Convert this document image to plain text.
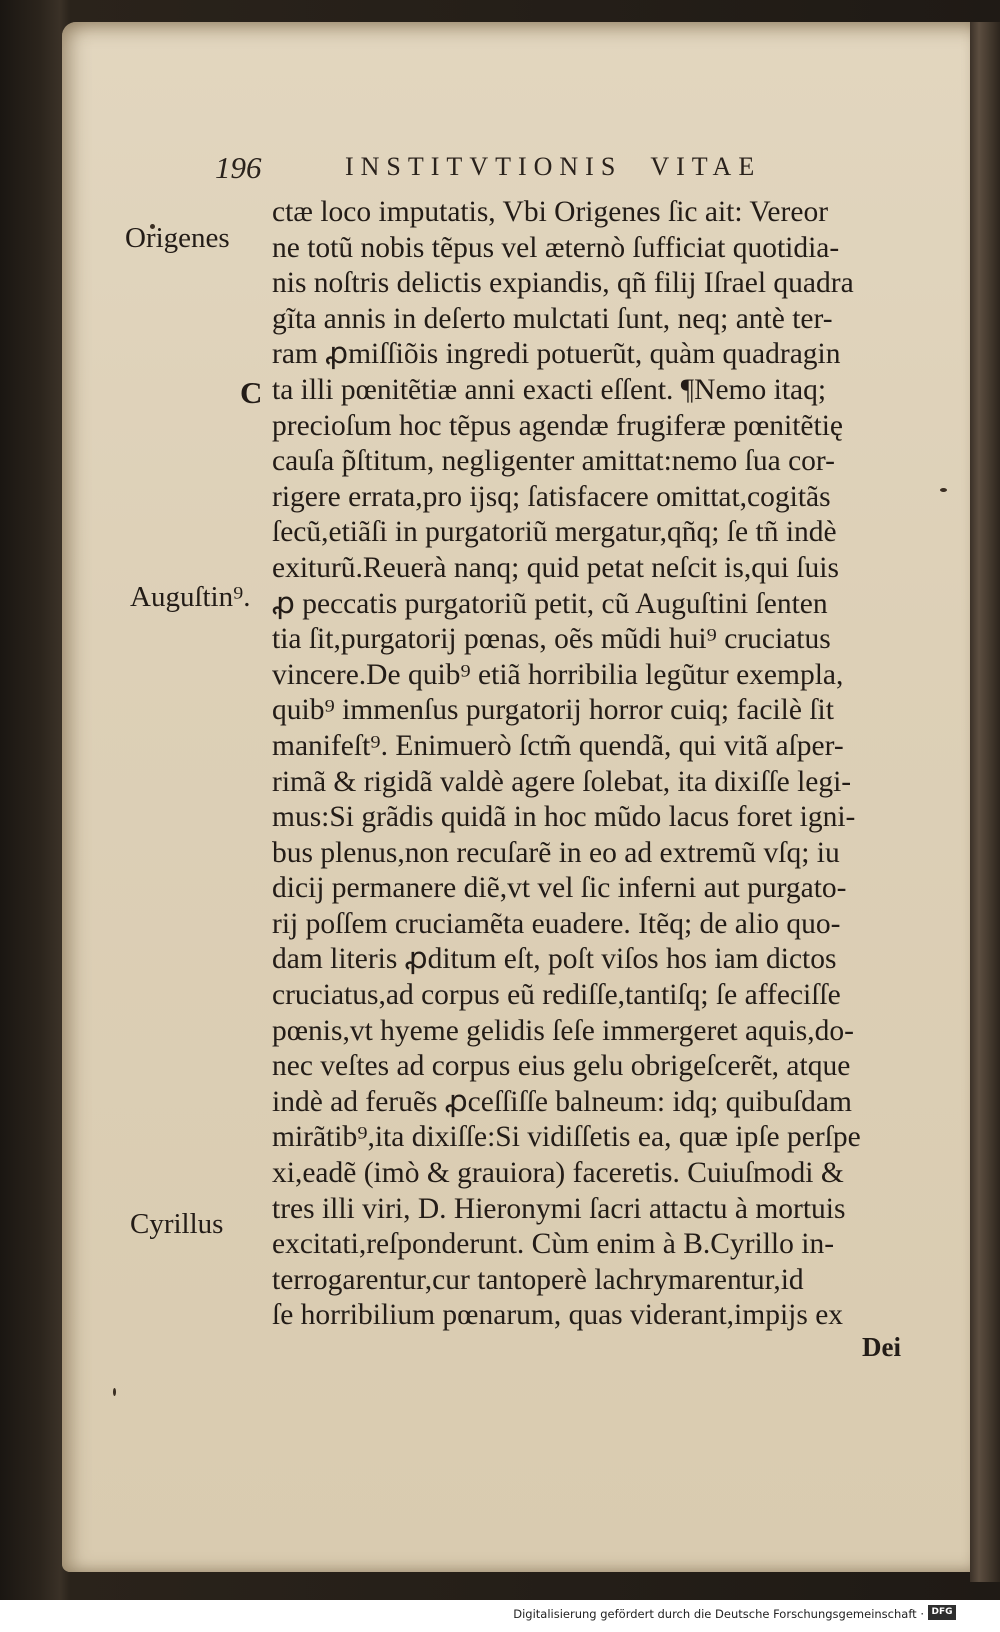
196	INSTITVTIONIS VITAE
Origenes
C
Auguſtin⁹.
Cyrillus
ctæ loco imputatis, Vbi Origenes ſic ait: Vereor
ne totũ nobis tẽpus vel æternò ſufficiat quotidia-
nis noſtris delictis expiandis, qñ filij Iſrael quadra
gĩta annis in deſerto mulctati ſunt, neq; antè ter-
ram ꝓmiſſiõis ingredi potuerũt, quàm quadragin
ta illi pœnitẽtiæ anni exacti eſſent. ¶Nemo itaq;
precioſum hoc tẽpus agendæ frugiferæ pœnitẽtię
cauſa p̃ſtitum, negligenter amittat:nemo ſua cor-
rigere errata,pro ijsq; ſatisfacere omittat,cogitãs
ſecũ,etiãſi in purgatoriũ mergatur,qñq; ſe tñ indè
exiturũ.Reuerà nanq; quid petat neſcit is,qui ſuis
ꝓ peccatis purgatoriũ petit, cũ Auguſtini ſenten
tia ſit,purgatorij pœnas, oẽs mũdi hui⁹ cruciatus
vincere.De quib⁹ etiã horribilia legũtur exempla,
quib⁹ immenſus purgatorij horror cuiq; facilè ſit
manifeſt⁹. Enimuerò ſctm̃ quendã, qui vitã aſper-
rimã & rigidã valdè agere ſolebat, ita dixiſſe legi-
mus:Si grãdis quidã in hoc mũdo lacus foret igni-
bus plenus,non recuſarẽ in eo ad extremũ vſq; iu
dicij permanere diẽ,vt vel ſic inferni aut purgato-
rij poſſem cruciamẽta euadere. Itẽq; de alio quo-
dam literis ꝓditum eſt, poſt viſos hos iam dictos
cruciatus,ad corpus eũ rediſſe,tantiſq; ſe affeciſſe
pœnis,vt hyeme gelidis ſeſe immergeret aquis,do-
nec veſtes ad corpus eius gelu obrigeſcerẽt, atque
indè ad feruẽs ꝓceſſiſſe balneum: idq; quibuſdam
mirãtib⁹,ita dixiſſe:Si vidiſſetis ea, quæ ipſe perſpe
xi,eadẽ (imò & grauiora) faceretis. Cuiuſmodi &
tres illi viri, D. Hieronymi ſacri attactu à mortuis
excitati,reſponderunt. Cùm enim à B.Cyrillo in-
terrogarentur,cur tantoperè lachrymarentur,id
ſe horribilium pœnarum, quas viderant,impijs ex
Dei
Digitalisierung gefördert durch die Deutsche Forschungsgemeinschaft · DFG
